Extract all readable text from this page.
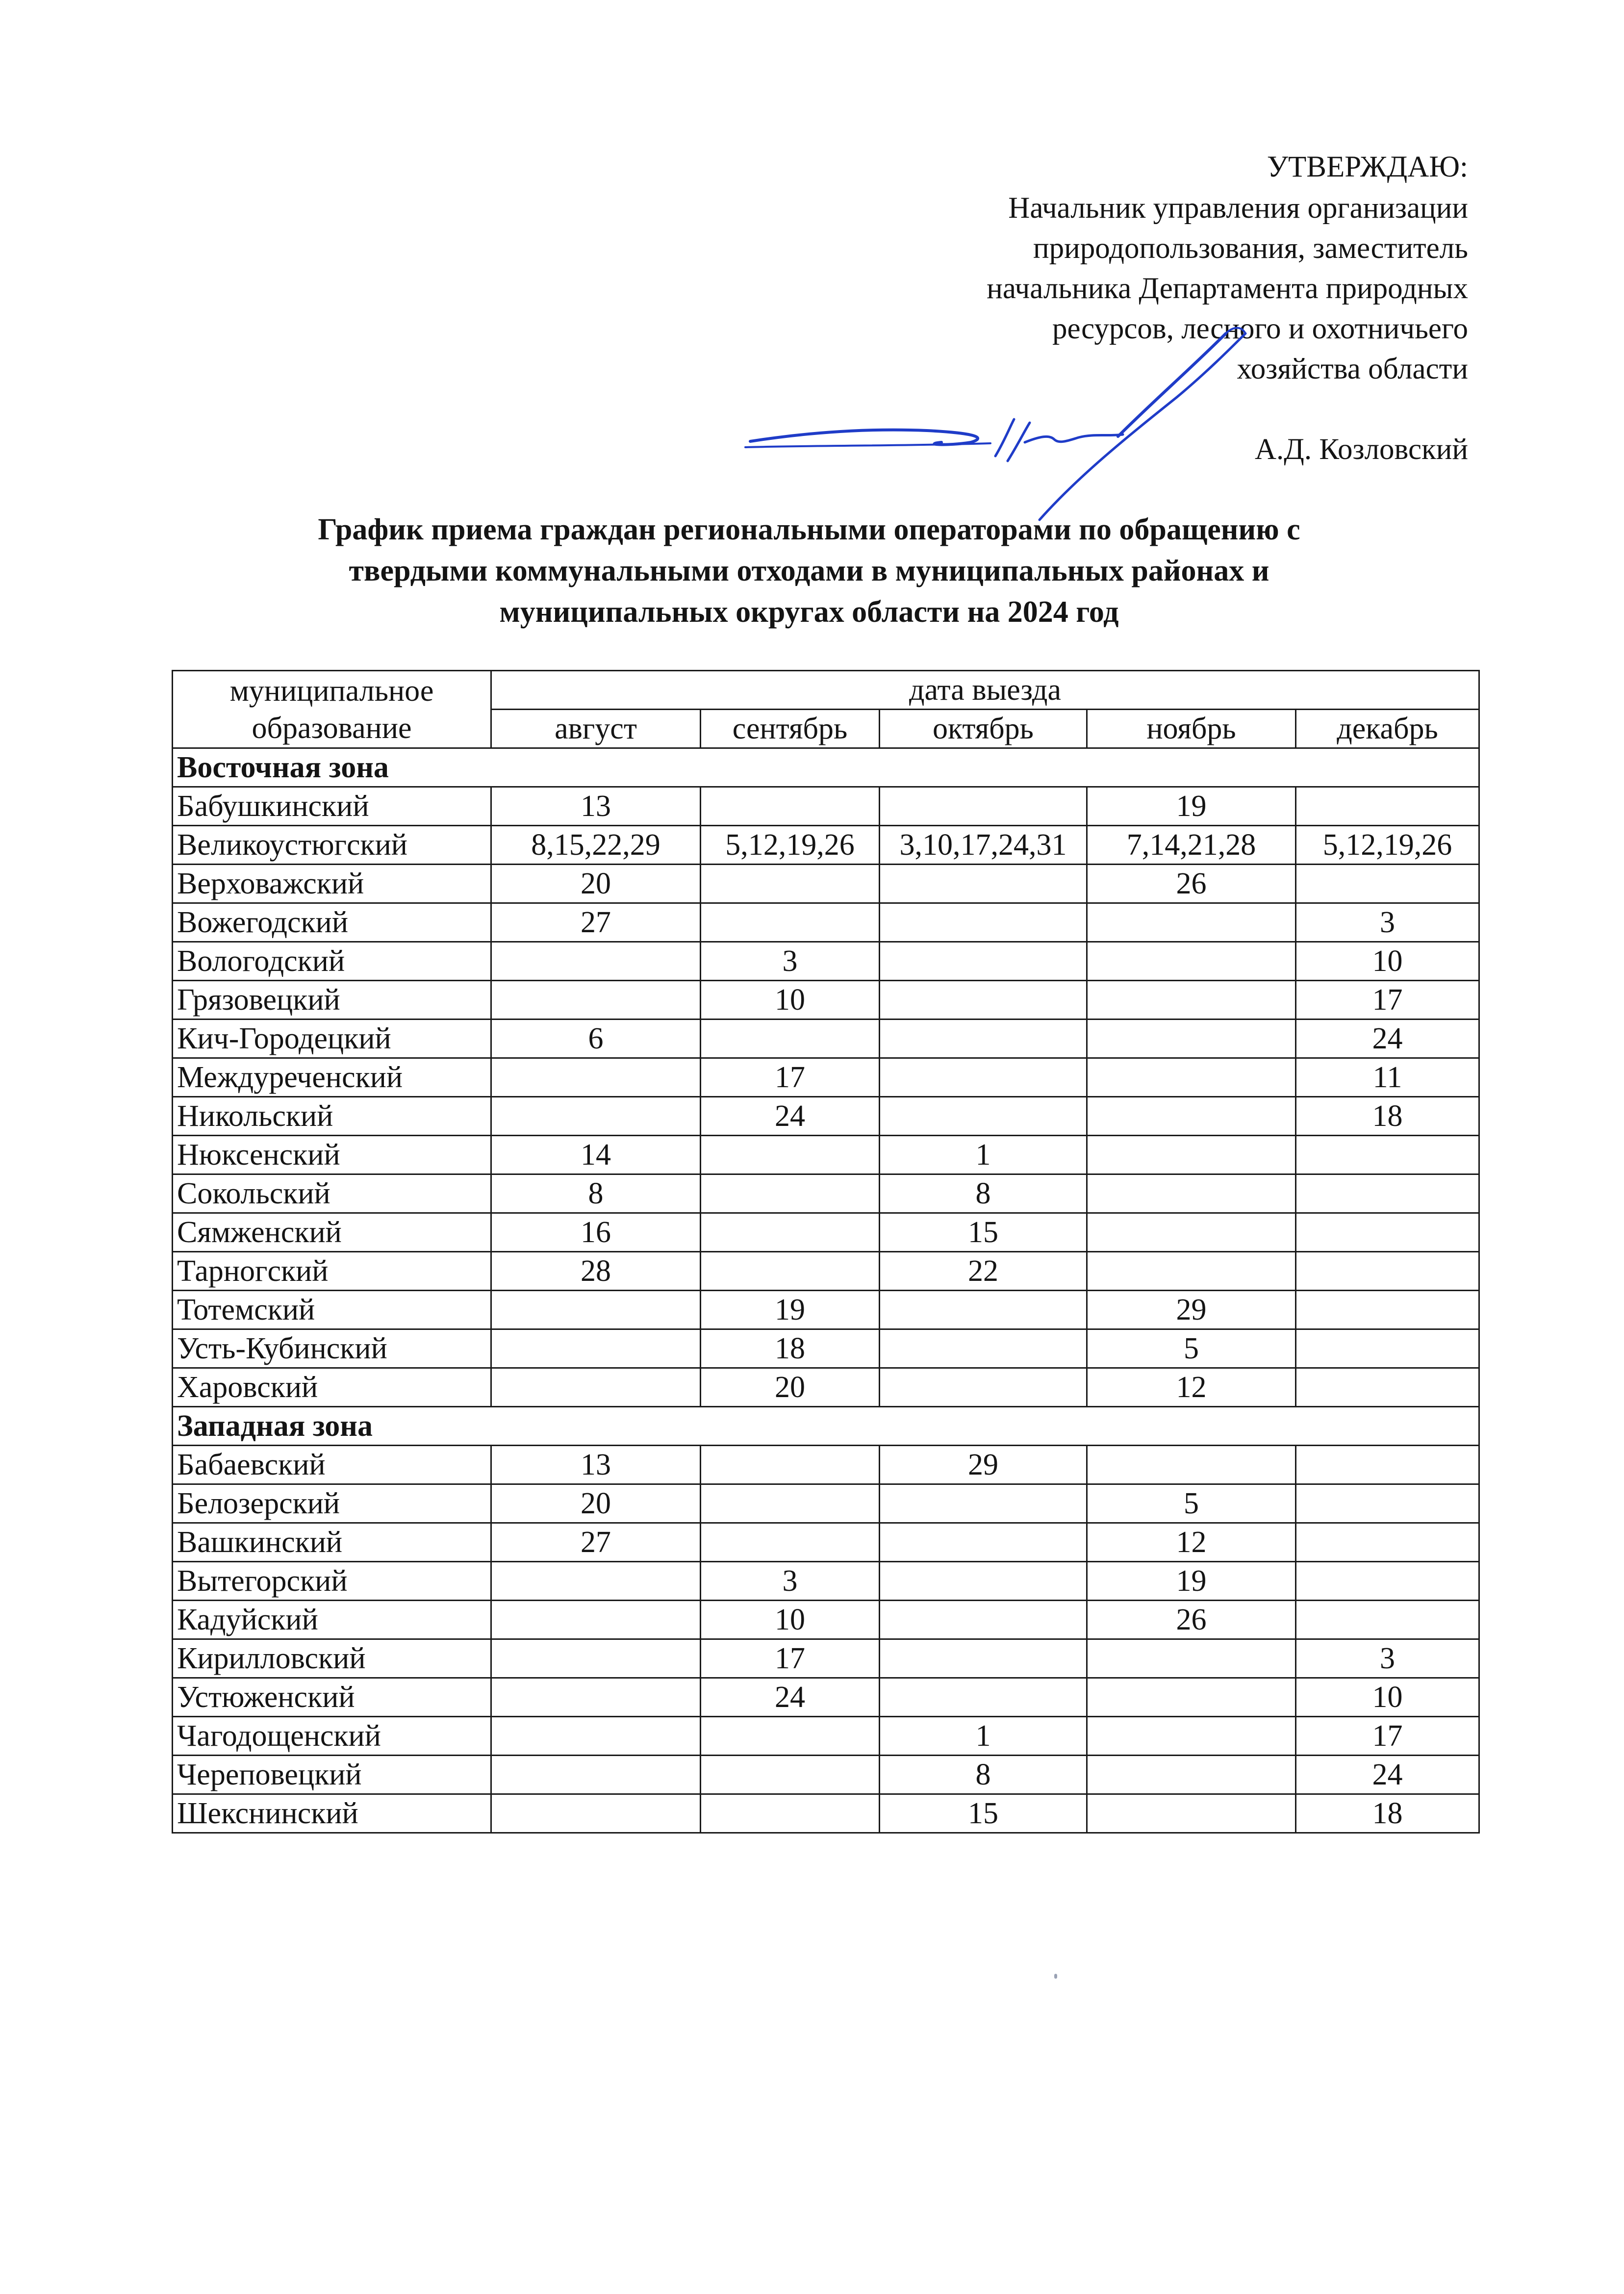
УТВЕРЖДАЮ:
Начальник управления организации
природопользования, заместитель
начальника Департамента природных
ресурсов, лесного и охотничьего
хозяйства области
А.Д. Козловский
График приема граждан региональными операторами по обращению с
твердыми коммунальными отходами в муниципальных районах и
муниципальных округах области на 2024 год
муниципальное образование	дата выезда				
	август	сентябрь	октябрь	ноябрь	декабрь
Восточная зона					
Бабушкинский	13			19	
Великоустюгский	8,15,22,29	5,12,19,26	3,10,17,24,31	7,14,21,28	5,12,19,26
Верховажский	20			26	
Вожегодский	27				3
Вологодский		3			10
Грязовецкий		10			17
Кич-Городецкий	6				24
Междуреченский		17			11
Никольский		24			18
Нюксенский	14		1		
Сокольский	8		8		
Сямженский	16		15		
Тарногский	28		22		
Тотемский		19		29	
Усть-Кубинский		18		5	
Харовский		20		12	
Западная зона					
Бабаевский	13		29		
Белозерский	20			5	
Вашкинский	27			12	
Вытегорский		3		19	
Кадуйский		10		26	
Кирилловский		17			3
Устюженский		24			10
Чагодощенский			1		17
Череповецкий			8		24
Шекснинский			15		18
